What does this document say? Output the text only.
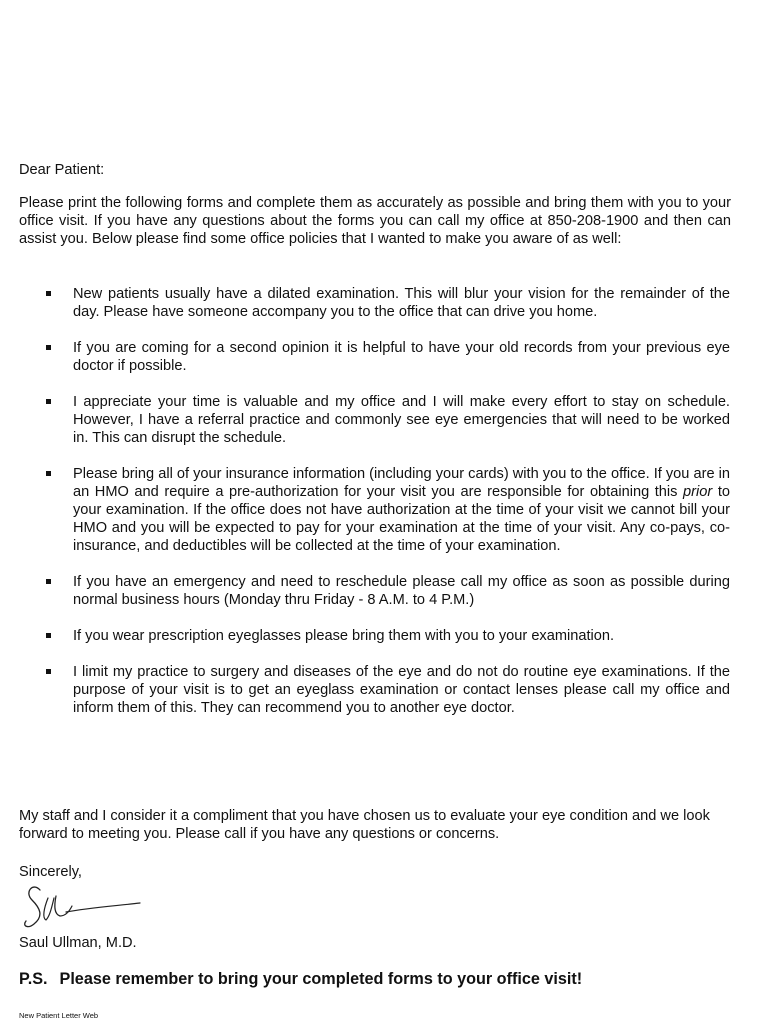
Dear Patient:

Please print the following forms and complete them as accurately as possible and bring them with you to your office visit. If you have any questions about the forms you can call my office at 850-208-1900 and then can assist you. Below please find some office policies that I wanted to make you aware of as well:

New patients usually have a dilated examination. This will blur your vision for the remainder of the day. Please have someone accompany you to the office that can drive you home.
If you are coming for a second opinion it is helpful to have your old records from your previous eye doctor if possible.
I appreciate your time is valuable and my office and I will make every effort to stay on schedule. However, I have a referral practice and commonly see eye emergencies that will need to be worked in. This can disrupt the schedule.
Please bring all of your insurance information (including your cards) with you to the office. If you are in an HMO and require a pre-authorization for your visit you are responsible for obtaining this prior to your examination. If the office does not have authorization at the time of your visit we cannot bill your HMO and you will be expected to pay for your examination at the time of your visit. Any co-pays, co-insurance, and deductibles will be collected at the time of your examination.
If you have an emergency and need to reschedule please call my office as soon as possible during normal business hours (Monday thru Friday - 8 A.M. to 4 P.M.)
If you wear prescription eyeglasses please bring them with you to your examination.
I limit my practice to surgery and diseases of the eye and do not do routine eye examinations. If the purpose of your visit is to get an eyeglass examination or contact lenses please call my office and inform them of this. They can recommend you to another eye doctor.

My staff and I consider it a compliment that you have chosen us to evaluate your eye condition and we look forward to meeting you. Please call if you have any questions or concerns.

Sincerely,

Saul Ullman, M.D.

P.S. Please remember to bring your completed forms to your office visit!

New Patient Letter Web
